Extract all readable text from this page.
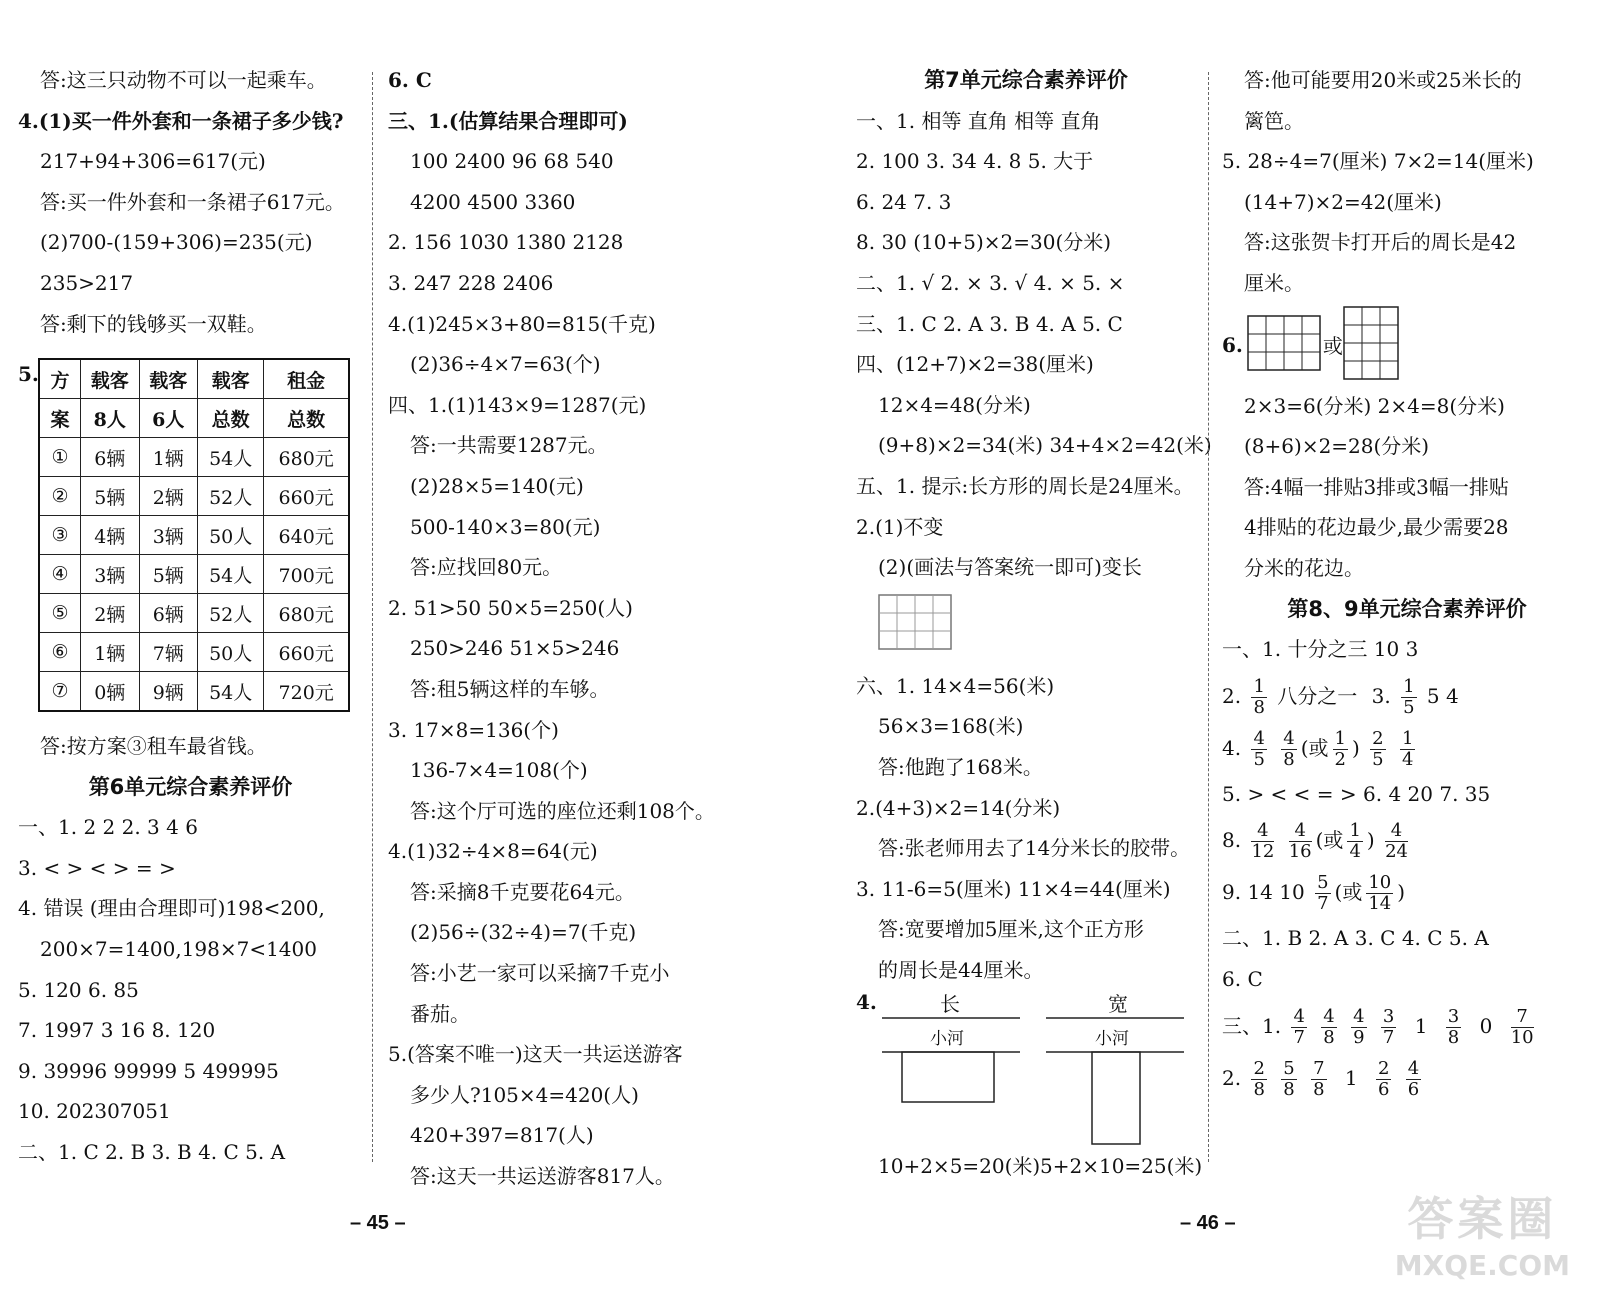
答:这三只动物不可以一起乘车。
4.(1)买一件外套和一条裙子多少钱?
217+94+306=617(元)
答:买一件外套和一条裙子617元。
(2)700-(159+306)=235(元)
235>217
答:剩下的钱够买一双鞋。
5. 方	载客	载客	载客	租金
案	8人	6人	总数	总数
①	6辆	1辆	54人	680元
②	5辆	2辆	52人	660元
③	4辆	3辆	50人	640元
④	3辆	5辆	54人	700元
⑤	2辆	6辆	52人	680元
⑥	1辆	7辆	50人	660元
⑦	0辆	9辆	54人	720元
答:按方案③租车最省钱。
第6单元综合素养评价
一、1. 2 2 2. 3 4 6
3. < > < > = >
4. 错误 (理由合理即可)198<200,
200×7=1400,198×7<1400
5. 120 6. 85
7. 1997 3 16 8. 120
9. 39996 99999 5 499995
10. 202307051
二、1. C 2. B 3. B 4. C 5. A
6. C
三、1.(估算结果合理即可)
100 2400 96 68 540
4200 4500 3360
2. 156 1030 1380 2128
3. 247 228 2406
4.(1)245×3+80=815(千克)
(2)36÷4×7=63(个)
四、1.(1)143×9=1287(元)
答:一共需要1287元。
(2)28×5=140(元)
500-140×3=80(元)
答:应找回80元。
2. 51>50 50×5=250(人)
250>246 51×5>246
答:租5辆这样的车够。
3. 17×8=136(个)
136-7×4=108(个)
答:这个厅可选的座位还剩108个。
4.(1)32÷4×8=64(元)
答:采摘8千克要花64元。
(2)56÷(32÷4)=7(千克)
答:小艺一家可以采摘7千克小
番茄。
5.(答案不唯一)这天一共运送游客
多少人?105×4=420(人)
420+397=817(人)
答:这天一共运送游客817人。
– 45 –
第7单元综合素养评价
一、1. 相等 直角 相等 直角
2. 100 3. 34 4. 8 5. 大于
6. 24 7. 3
8. 30 (10+5)×2=30(分米)
二、1. √ 2. × 3. √ 4. × 5. ×
三、1. C 2. A 3. B 4. A 5. C
四、(12+7)×2=38(厘米)
12×4=48(分米)
(9+8)×2=34(米) 34+4×2=42(米)
五、1. 提示:长方形的周长是24厘米。
2.(1)不变
(2)(画法与答案统一即可)变长
六、1. 14×4=56(米)
56×3=168(米)
答:他跑了168米。
2.(4+3)×2=14(分米)
答:张老师用去了14分米长的胶带。
3. 11-6=5(厘米) 11×4=44(厘米)
答:宽要增加5厘米,这个正方形
的周长是44厘米。
4.	长	宽
小河	小河
10+2×5=20(米) 5+2×10=25(米)
答:他可能要用20米或25米长的
篱笆。
5. 28÷4=7(厘米) 7×2=14(厘米)
(14+7)×2=42(厘米)
答:这张贺卡打开后的周长是42
厘米。
6.	或
2×3=6(分米) 2×4=8(分米)
(8+6)×2=28(分米)
答:4幅一排贴3排或3幅一排贴
4排贴的花边最少,最少需要28
分米的花边。
第8、9单元综合素养评价
一、1. 十分之三 10 3
2. $\frac{1}{8}$ 八分之一 3. $\frac{1}{5} 5$ 4
4. $\frac{4}{5}$
$\frac{4}{8}$ (或 $\frac{1}{2}$ ) $\frac{2}{5}$
$\frac{1}{4}$
5. > < < = > 6. 4 20 7. 35
8. $\frac{4}{12}$
$\frac{4}{16}$ (或 $\frac{1}{4}$ ) $\frac{4}{24}$
9. 14 $10 \frac{5}{7}$ (或 $\frac{10}{14}$ )
二、1. B 2. A 3. C 4. C 5. A
6. C
三、1. $\frac{4}{7}$
$\frac{4}{8}$
$\frac{4}{9}$
$\frac{3}{7} 1 \frac{3}{8} 0 \frac{7}{10}$
2. $\frac{2}{8}$
$\frac{5}{8}$
$\frac{7}{8} 1 \frac{2}{6}$
$\frac{4}{6}$
– 46 –	答案圈
MXQE.COM
